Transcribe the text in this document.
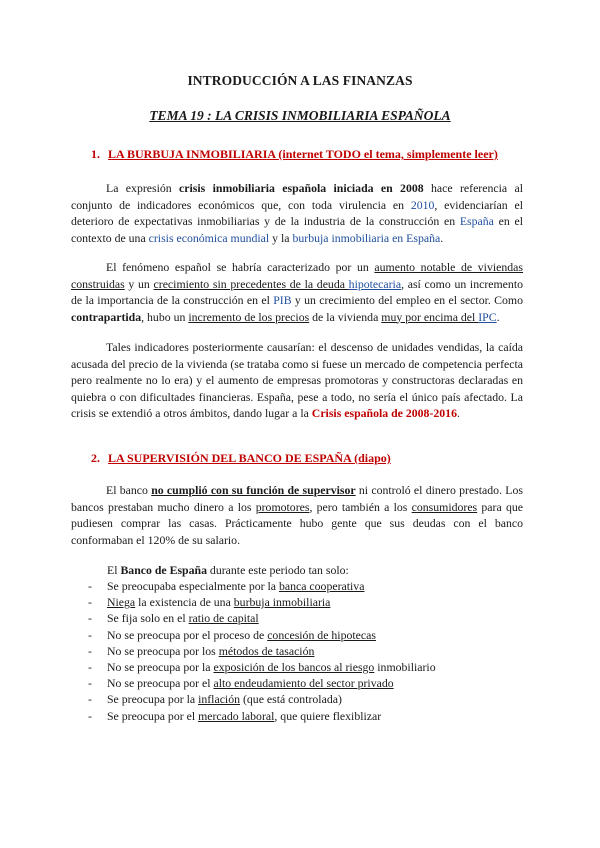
INTRODUCCIÓN A LAS FINANZAS
TEMA 19 : LA CRISIS INMOBILIARIA ESPAÑOLA
1. LA BURBUJA INMOBILIARIA (internet TODO el tema, simplemente leer)

La expresión crisis inmobiliaria española iniciada en 2008 hace referencia al conjunto de indicadores económicos que, con toda virulencia en 2010, evidenciarían el deterioro de expectativas inmobiliarias y de la industria de la construcción en España en el contexto de una crisis económica mundial y la burbuja inmobiliaria en España.

El fenómeno español se habría caracterizado por un aumento notable de viviendas construidas y un crecimiento sin precedentes de la deuda hipotecaria, así como un incremento de la importancia de la construcción en el PIB y un crecimiento del empleo en el sector. Como contrapartida, hubo un incremento de los precios de la vivienda muy por encima del IPC.

Tales indicadores posteriormente causarían: el descenso de unidades vendidas, la caída acusada del precio de la vivienda (se trataba como si fuese un mercado de competencia perfecta pero realmente no lo era) y el aumento de empresas promotoras y constructoras declaradas en quiebra o con dificultades financieras. España, pese a todo, no sería el único país afectado. La crisis se extendió a otros ámbitos, dando lugar a la Crisis española de 2008-2016.

2. LA SUPERVISIÓN DEL BANCO DE ESPAÑA (diapo)

El banco no cumplió con su función de supervisor ni controló el dinero prestado. Los bancos prestaban mucho dinero a los promotores, pero también a los consumidores para que pudiesen comprar las casas. Prácticamente hubo gente que sus deudas con el banco conformaban el 120% de su salario.

El Banco de España durante este periodo tan solo:
- Se preocupaba especialmente por la banca cooperativa
- Niega la existencia de una burbuja inmobiliaria
- Se fija solo en el ratio de capital
- No se preocupa por el proceso de concesión de hipotecas
- No se preocupa por los métodos de tasación
- No se preocupa por la exposición de los bancos al riesgo inmobiliario
- No se preocupa por el alto endeudamiento del sector privado
- Se preocupa por la inflación (que está controlada)
- Se preocupa por el mercado laboral, que quiere flexiblizar
